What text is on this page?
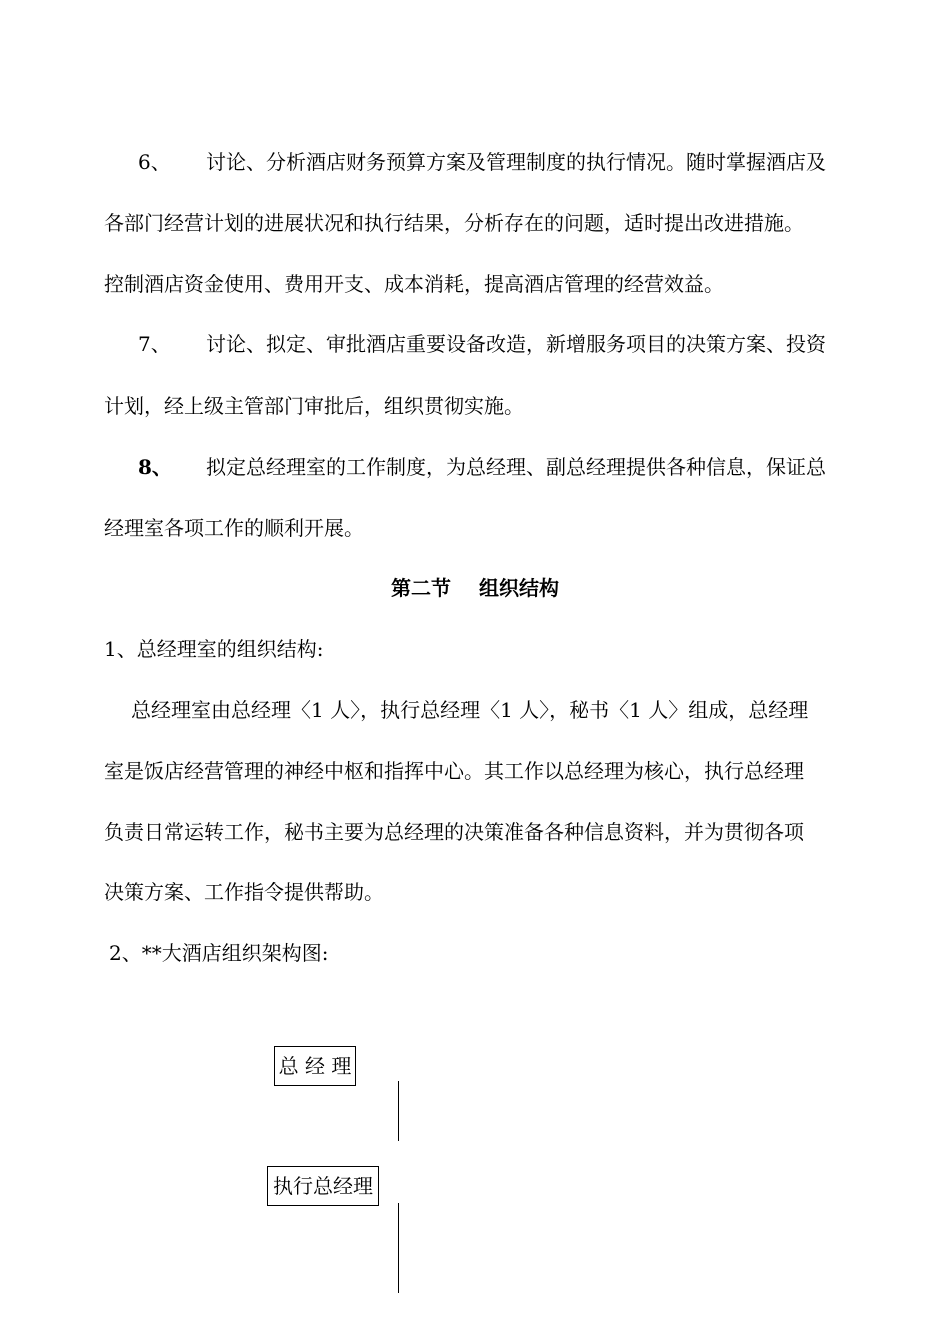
6、 讨论、分析酒店财务预算方案及管理制度的执行情况。随时掌握酒店及
各部门经营计划的进展状况和执行结果，分析存在的问题，适时提出改进措施。
控制酒店资金使用、费用开支、成本消耗，提高酒店管理的经营效益。
7、 讨论、拟定、审批酒店重要设备改造，新增服务项目的决策方案、投资
计划，经上级主管部门审批后，组织贯彻实施。
8、 拟定总经理室的工作制度，为总经理、副总经理提供各种信息，保证总
经理室各项工作的顺利开展。
第二节 组织结构
1、总经理室的组织结构:
总经理室由总经理〈1 人〉，执行总经理〈1 人〉，秘书〈1 人〉组成，总经理
室是饭店经营管理的神经中枢和指挥中心。其工作以总经理为核心，执行总经理
负责日常运转工作，秘书主要为总经理的决策准备各种信息资料，并为贯彻各项
决策方案、工作指令提供帮助。
2、**大酒店组织架构图:
总 经 理
执行总经理
